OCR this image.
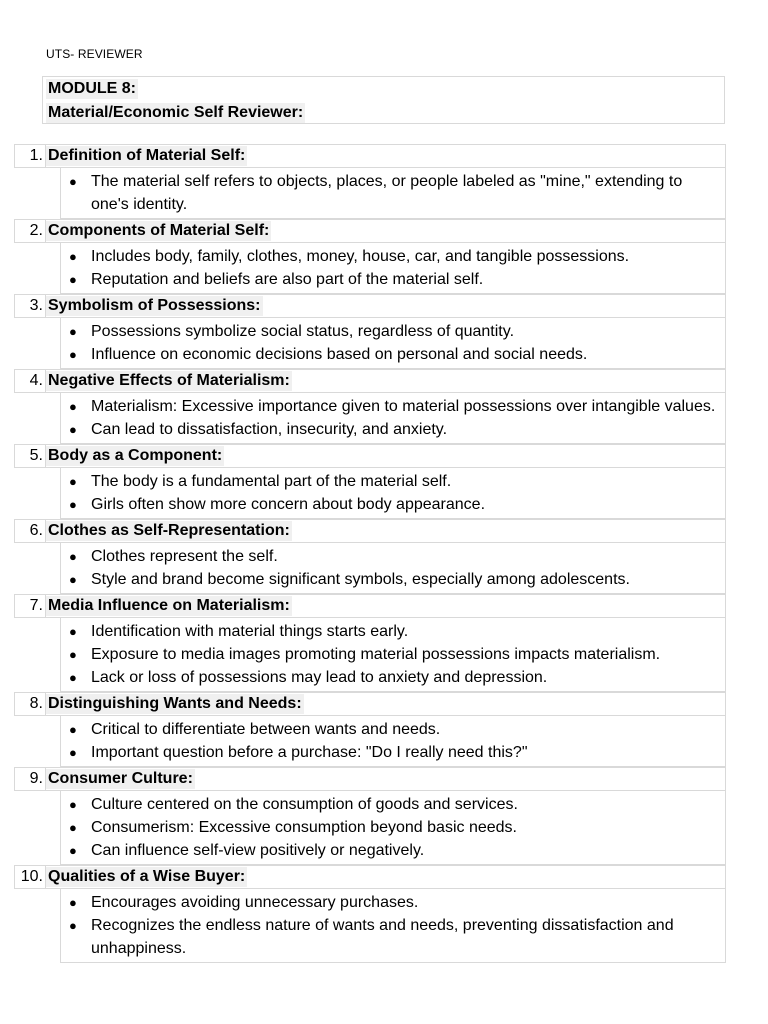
UTS- REVIEWER
MODULE 8:
Material/Economic Self Reviewer:
1. Definition of Material Self:
● The material self refers to objects, places, or people labeled as "mine," extending to one's identity.
2. Components of Material Self:
● Includes body, family, clothes, money, house, car, and tangible possessions.
● Reputation and beliefs are also part of the material self.
3. Symbolism of Possessions:
● Possessions symbolize social status, regardless of quantity.
● Influence on economic decisions based on personal and social needs.
4. Negative Effects of Materialism:
● Materialism: Excessive importance given to material possessions over intangible values.
● Can lead to dissatisfaction, insecurity, and anxiety.
5. Body as a Component:
● The body is a fundamental part of the material self.
● Girls often show more concern about body appearance.
6. Clothes as Self-Representation:
● Clothes represent the self.
● Style and brand become significant symbols, especially among adolescents.
7. Media Influence on Materialism:
● Identification with material things starts early.
● Exposure to media images promoting material possessions impacts materialism.
● Lack or loss of possessions may lead to anxiety and depression.
8. Distinguishing Wants and Needs:
● Critical to differentiate between wants and needs.
● Important question before a purchase: "Do I really need this?"
9. Consumer Culture:
● Culture centered on the consumption of goods and services.
● Consumerism: Excessive consumption beyond basic needs.
● Can influence self-view positively or negatively.
10. Qualities of a Wise Buyer:
● Encourages avoiding unnecessary purchases.
● Recognizes the endless nature of wants and needs, preventing dissatisfaction and unhappiness.
